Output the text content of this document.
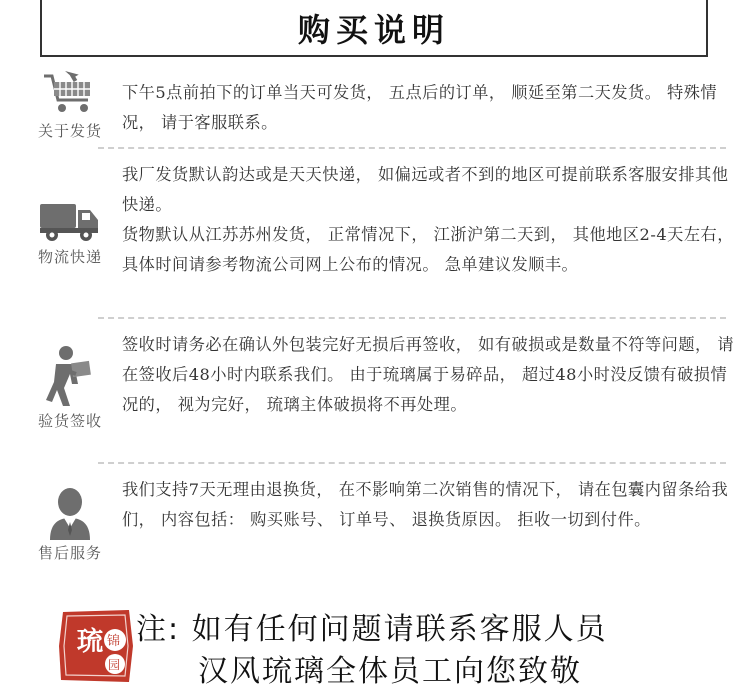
购买说明
关于发货

下午5点前拍下的订单当天可发货， 五点后的订单， 顺延至第二天发货。 特殊情况， 请于客服联系。

物流快递

我厂发货默认韵达或是天天快递， 如偏远或者不到的地区可提前联系客服安排其他快递。

货物默认从江苏苏州发货， 正常情况下， 江浙沪第二天到， 其他地区2-4天左右， 具体时间请参考物流公司网上公布的情况。 急单建议发顺丰。

验货签收

签收时请务必在确认外包装完好无损后再签收， 如有破损或是数量不符等问题， 请在签收后48小时内联系我们。 由于琉璃属于易碎品， 超过48小时没反馈有破损情况的， 视为完好， 琉璃主体破损将不再处理。

售后服务

我们支持7天无理由退换货， 在不影响第二次销售的情况下， 请在包囊内留条给我们， 内容包括： 购买账号、 订单号、 退换货原因。 拒收一切到付件。

琉 锦
园
注: 如有任何问题请联系客服人员
汉风琉璃全体员工向您致敬
